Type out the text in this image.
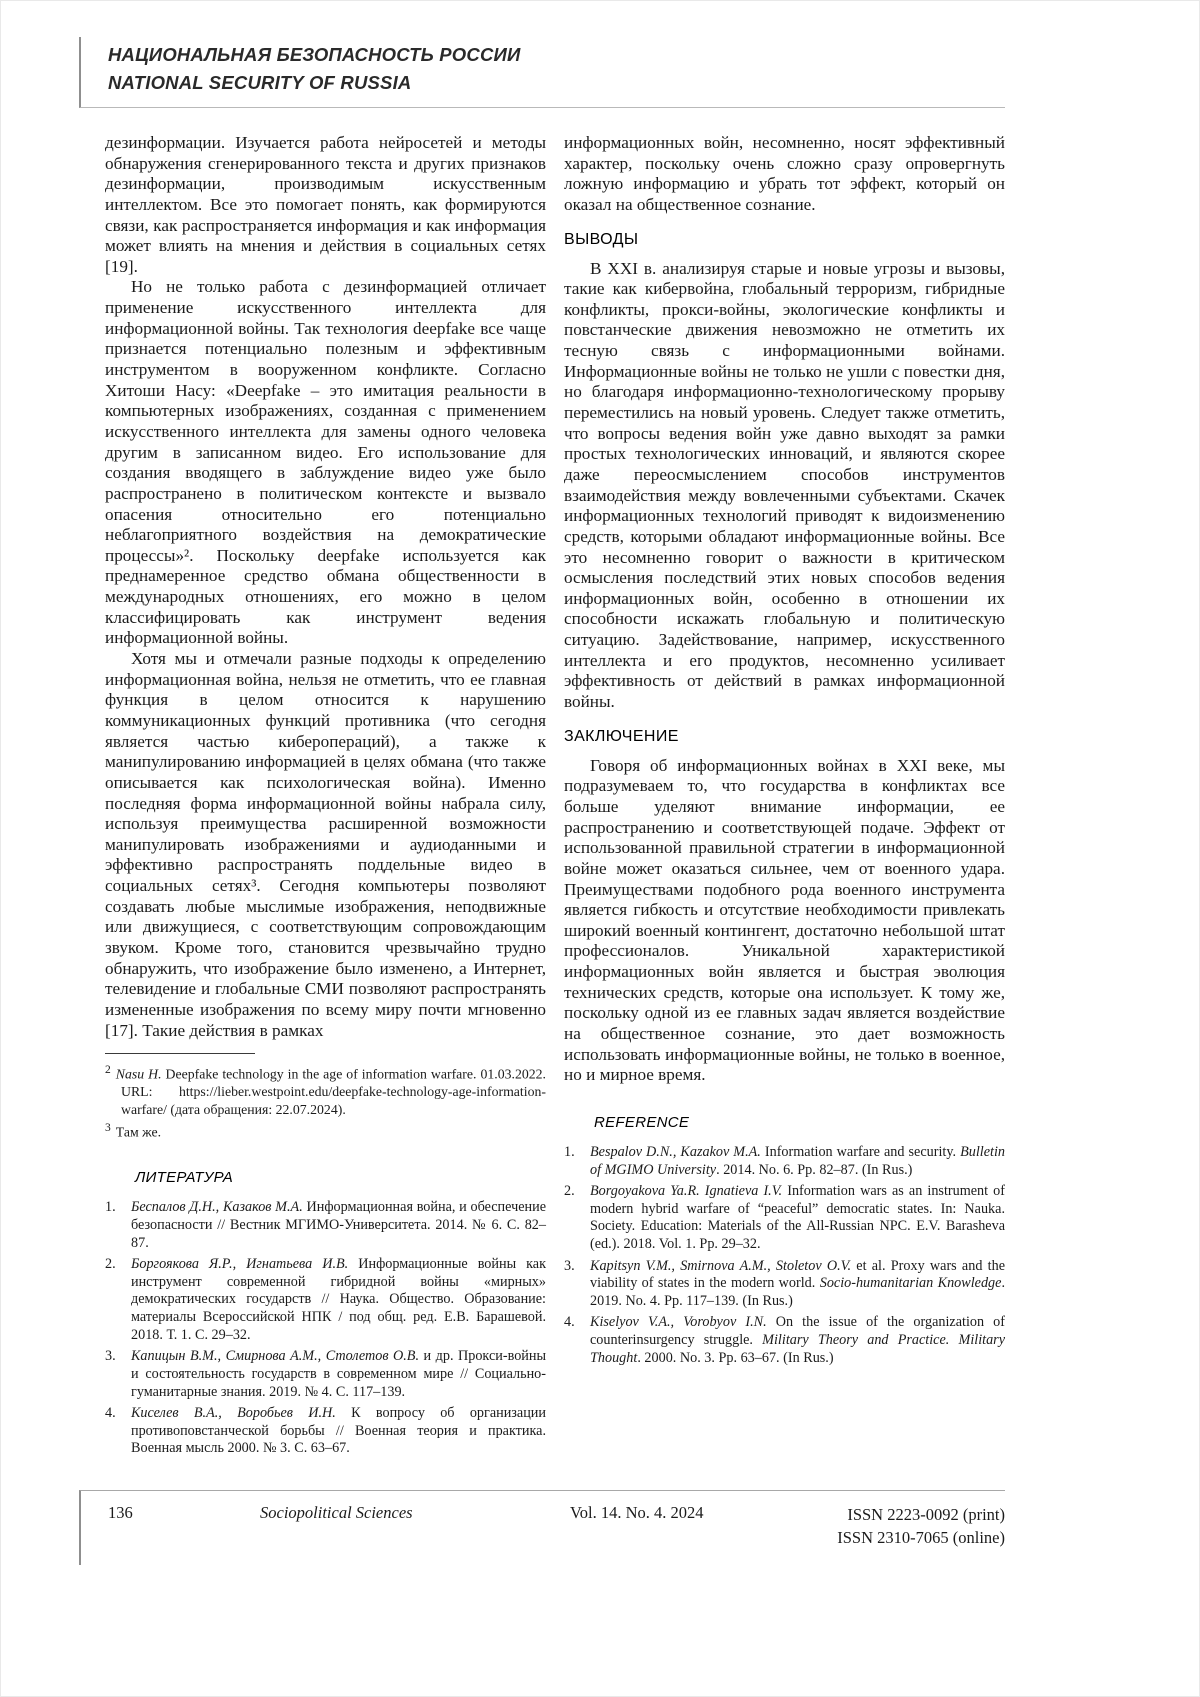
НАЦИОНАЛЬНАЯ БЕЗОПАСНОСТЬ РОССИИ
NATIONAL SECURITY OF RUSSIA

дезинформации. Изучается работа нейросетей и методы обнаружения сгенерированного текста и других признаков дезинформации, производимым искусственным интеллектом. Все это помогает понять, как формируются связи, как распространяется информация и как информация может влиять на мнения и действия в социальных сетях [19].

Но не только работа с дезинформацией отличает применение искусственного интеллекта для информационной войны. Так технология deepfake все чаще признается потенциально полезным и эффективным инструментом в вооруженном конфликте. Согласно Хитоши Насу: «Deepfake – это имитация реальности в компьютерных изображениях, созданная с применением искусственного интеллекта для замены одного человека другим в записанном видео. Его использование для создания вводящего в заблуждение видео уже было распространено в политическом контексте и вызвало опасения относительно его потенциально неблагоприятного воздействия на демократические процессы»². Поскольку deepfake используется как преднамеренное средство обмана общественности в международных отношениях, его можно в целом классифицировать как инструмент ведения информационной войны.

Хотя мы и отмечали разные подходы к определению информационная война, нельзя не отметить, что ее главная функция в целом относится к нарушению коммуникационных функций противника (что сегодня является частью киберопераций), а также к манипулированию информацией в целях обмана (что также описывается как психологическая война). Именно последняя форма информационной войны набрала силу, используя преимущества расширенной возможности манипулировать изображениями и аудиоданными и эффективно распространять поддельные видео в социальных сетях³. Сегодня компьютеры позволяют создавать любые мыслимые изображения, неподвижные или движущиеся, с соответствующим сопровождающим звуком. Кроме того, становится чрезвычайно трудно обнаружить, что изображение было изменено, а Интернет, телевидение и глобальные СМИ позволяют распространять измененные изображения по всему миру почти мгновенно [17]. Такие действия в рамках

$^2$ Nasu H. Deepfake technology in the age of information warfare. 01.03.2022. URL: https://lieber.westpoint.edu/deepfake-technology-age-information-warfare/ (дата обращения: 22.07.2024).

$^3$ Там же.

ЛИТЕРАТУРА
1.	Беспалов Д.Н., Казаков М.А. Информационная война, и обеспечение безопасности // Вестник МГИМО-Университета. 2014. № 6. С. 82–87.
2.	Боргоякова Я.Р., Игнатьева И.В. Информационные войны как инструмент современной гибридной войны «мирных» демократических государств // Наука. Общество. Образование: материалы Всероссийской НПК / под общ. ред. Е.В. Барашевой. 2018. Т. 1. С. 29–32.
3.	Капицын В.М., Смирнова А.М., Столетов О.В. и др. Прокси-войны и состоятельность государств в современном мире // Социально-гуманитарные знания. 2019. № 4. С. 117–139.
4.	Киселев В.А., Воробьев И.Н. К вопросу об организации противоповстанческой борьбы // Военная теория и практика. Военная мысль 2000. № 3. С. 63–67.

информационных войн, несомненно, носят эффективный характер, поскольку очень сложно сразу опровергнуть ложную информацию и убрать тот эффект, который он оказал на общественное сознание.

ВЫВОДЫ

В XXI в. анализируя старые и новые угрозы и вызовы, такие как кибервойна, глобальный терроризм, гибридные конфликты, прокси-войны, экологические конфликты и повстанческие движения невозможно не отметить их тесную связь с информационными войнами. Информационные войны не только не ушли с повестки дня, но благодаря информационно-технологическому прорыву переместились на новый уровень. Следует также отметить, что вопросы ведения войн уже давно выходят за рамки простых технологических инноваций, и являются скорее даже переосмыслением способов инструментов взаимодействия между вовлеченными субъектами. Скачек информационных технологий приводят к видоизменению средств, которыми обладают информационные войны. Все это несомненно говорит о важности в критическом осмысления последствий этих новых способов ведения информационных войн, особенно в отношении их способности искажать глобальную и политическую ситуацию. Задействование, например, искусственного интеллекта и его продуктов, несомненно усиливает эффективность от действий в рамках информационной войны.

ЗАКЛЮЧЕНИЕ

Говоря об информационных войнах в XXI веке, мы подразумеваем то, что государства в конфликтах все больше уделяют внимание информации, ее распространению и соответствующей подаче. Эффект от использованной правильной стратегии в информационной войне может оказаться сильнее, чем от военного удара. Преимуществами подобного рода военного инструмента является гибкость и отсутствие необходимости привлекать широкий военный контингент, достаточно небольшой штат профессионалов. Уникальной характеристикой информационных войн является и быстрая эволюция технических средств, которые она использует. К тому же, поскольку одной из ее главных задач является воздействие на общественное сознание, это дает возможность использовать информационные войны, не только в военное, но и мирное время.

REFERENCE
1.	Bespalov D.N., Kazakov M.A. Information warfare and security. Bulletin of MGIMO University. 2014. No. 6. Pp. 82–87. (In Rus.)
2.	Borgoyakova Ya.R. Ignatieva I.V. Information wars as an instrument of modern hybrid warfare of “peaceful” democratic states. In: Nauka. Society. Education: Materials of the All-Russian NPC. E.V. Barasheva (ed.). 2018. Vol. 1. Pp. 29–32.
3.	Kapitsyn V.M., Smirnova A.M., Stoletov O.V. et al. Proxy wars and the viability of states in the modern world. Socio-humanitarian Knowledge. 2019. No. 4. Pp. 117–139. (In Rus.)
4.	Kiselyov V.A., Vorobyov I.N. On the issue of the organization of counterinsurgency struggle. Military Theory and Practice. Military Thought. 2000. No. 3. Pp. 63–67. (In Rus.)
136	Sociopolitical Sciences	Vol. 14. No. 4. 2024	ISSN 2223-0092 (print)
ISSN 2310-7065 (online)
